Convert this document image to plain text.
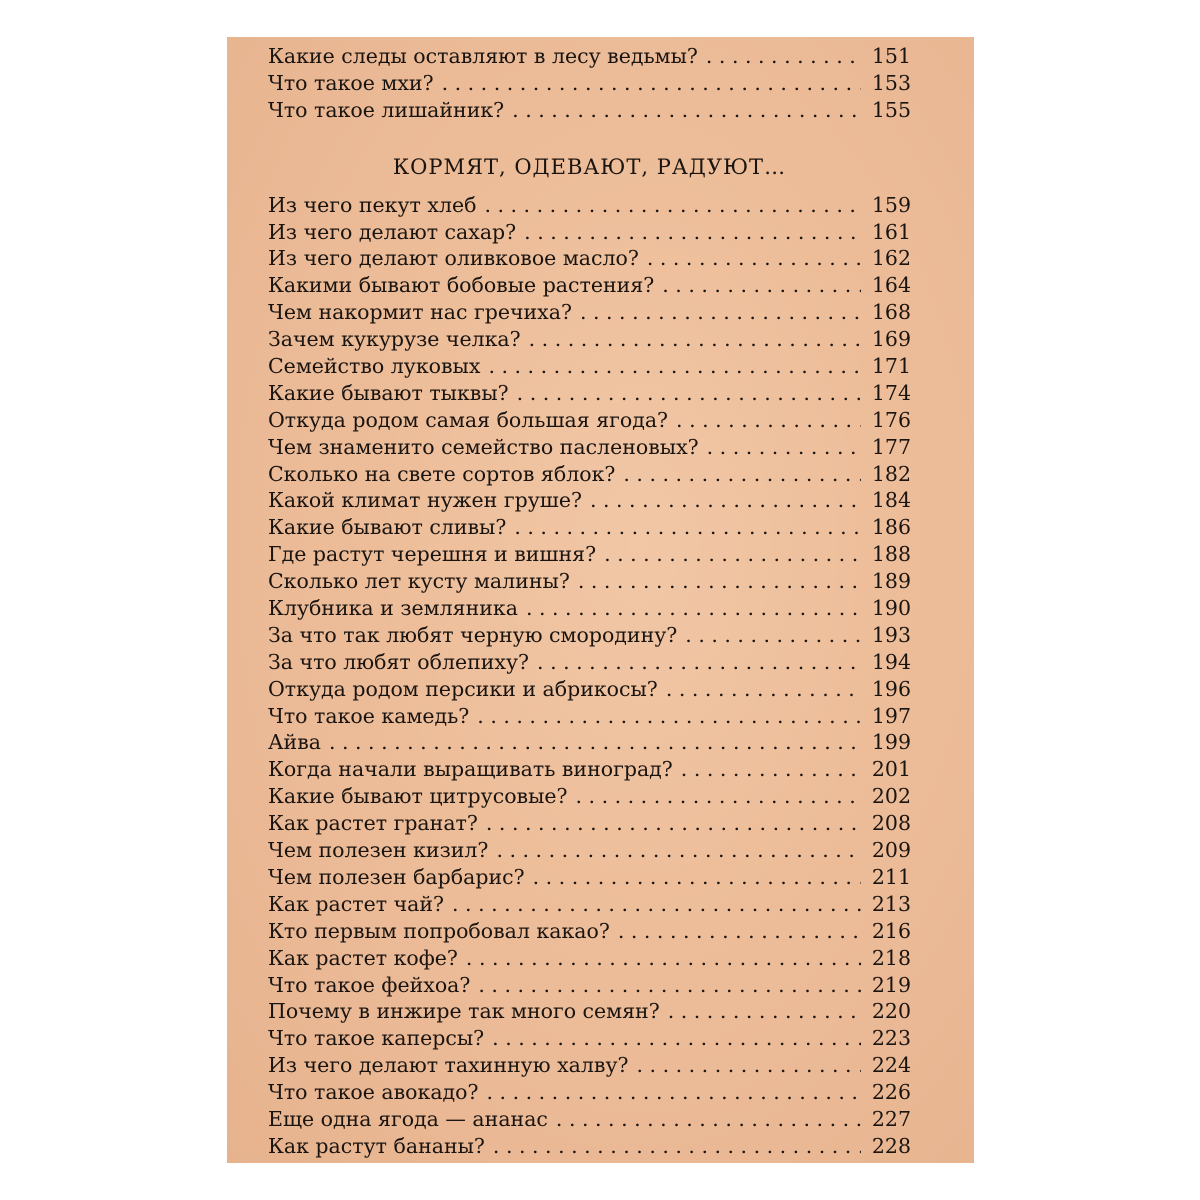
Какие следы оставляют в лесу ведьмы? . . .	151
Что такое мхи? . . .	153
Что такое лишайник? . . .	155
КОРМЯТ, ОДЕВАЮТ, РАДУЮТ…
Из чего пекут хлеб . . .	159
Из чего делают сахар? . . .	161
Из чего делают оливковое масло? . . .	162
Какими бывают бобовые растения? . . .	164
Чем накормит нас гречиха? . . .	168
Зачем кукурузе челка? . . .	169
Семейство луковых . . .	171
Какие бывают тыквы? . . .	174
Откуда родом самая большая ягода? . . .	176
Чем знаменито семейство пасленовых? . . .	177
Сколько на свете сортов яблок? . . .	182
Какой климат нужен груше? . . .	184
Какие бывают сливы? . . .	186
Где растут черешня и вишня? . . .	188
Сколько лет кусту малины? . . .	189
Клубника и земляника . . .	190
За что так любят черную смородину? . . .	193
За что любят облепиху? . . .	194
Откуда родом персики и абрикосы? . . .	196
Что такое камедь? . . .	197
Айва . . .	199
Когда начали выращивать виноград? . . .	201
Какие бывают цитрусовые? . . .	202
Как растет гранат? . . .	208
Чем полезен кизил? . . .	209
Чем полезен барбарис? . . .	211
Как растет чай? . . .	213
Кто первым попробовал какао? . . .	216
Как растет кофе? . . .	218
Что такое фейхоа? . . .	219
Почему в инжире так много семян? . . .	220
Что такое каперсы? . . .	223
Из чего делают тахинную халву? . . .	224
Что такое авокадо? . . .	226
Еще одна ягода — ананас . . .	227
Как растут бананы? . . .	228
